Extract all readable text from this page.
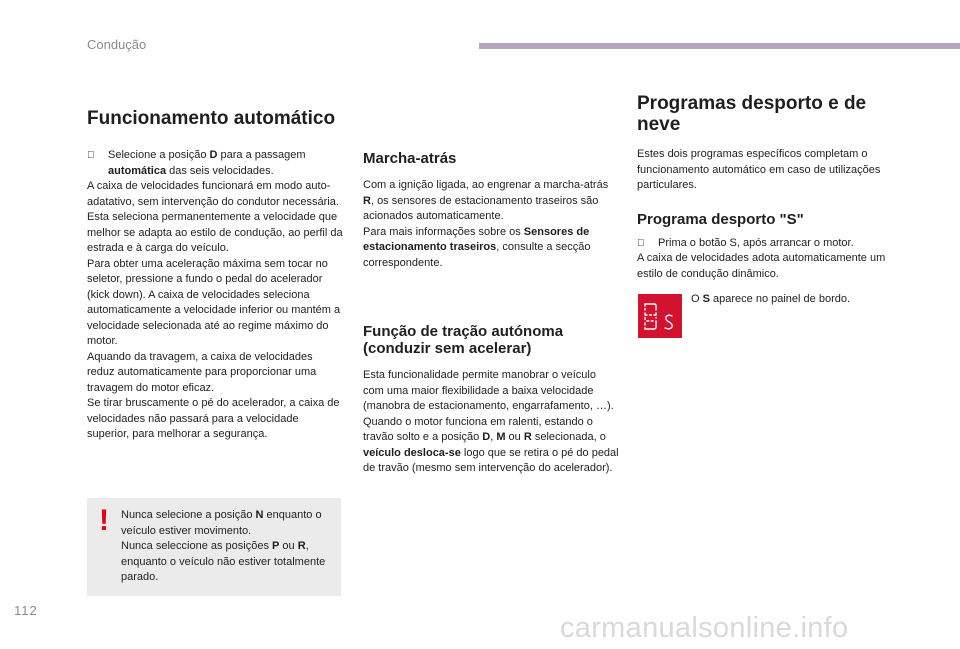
Condução
Funcionamento automático

Selecione a posição D para a passagem automática das seis velocidades.

A caixa de velocidades funcionará em modo auto-adatativo, sem intervenção do condutor necessária. Esta seleciona permanentemente a velocidade que melhor se adapta ao estilo de condução, ao perfil da estrada e à carga do veículo.

Para obter uma aceleração máxima sem tocar no seletor, pressione a fundo o pedal do acelerador (kick down). A caixa de velocidades seleciona automaticamente a velocidade inferior ou mantém a velocidade selecionada até ao regime máximo do motor.

Aquando da travagem, a caixa de velocidades reduz automaticamente para proporcionar uma travagem do motor eficaz.

Se tirar bruscamente o pé do acelerador, a caixa de velocidades não passará para a velocidade superior, para melhorar a segurança.

! Nunca selecione a posição N enquanto o veículo estiver movimento.

Nunca seleccione as posições P ou R, enquanto o veículo não estiver totalmente parado.

Marcha-atrás

Com a ignição ligada, ao engrenar a marcha-atrás R, os sensores de estacionamento traseiros são acionados automaticamente.

Para mais informações sobre os Sensores de estacionamento traseiros, consulte a secção correspondente.

Função de tração autónoma (conduzir sem acelerar)

Esta funcionalidade permite manobrar o veículo com uma maior flexibilidade a baixa velocidade (manobra de estacionamento, engarrafamento, …).

Quando o motor funciona em ralenti, estando o travão solto e a posição D, M ou R selecionada, o veículo desloca-se logo que se retira o pé do pedal de travão (mesmo sem intervenção do acelerador).

Programas desporto e de neve

Estes dois programas específicos completam o funcionamento automático em caso de utilizações particulares.

Programa desporto "S"

Prima o botão S, após arrancar o motor.

A caixa de velocidades adota automaticamente um estilo de condução dinâmico.

O S aparece no painel de bordo.

112
carmanualsonline.info
